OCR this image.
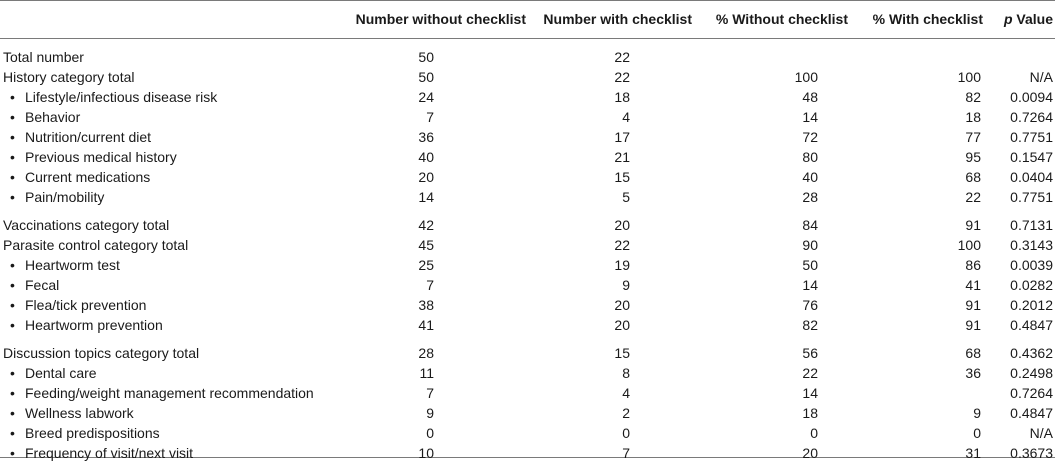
	Number without checklist	Number with checklist	% Without checklist	% With checklist	p Value

Total number	50	22			
History category total	50	22	100	100	N/A
• Lifestyle/infectious disease risk	24	18	48	82	0.0094
• Behavior	7	4	14	18	0.7264
• Nutrition/current diet	36	17	72	77	0.7751
• Previous medical history	40	21	80	95	0.1547
• Current medications	20	15	40	68	0.0404
• Pain/mobility	14	5	28	22	0.7751

Vaccinations category total	42	20	84	91	0.7131
Parasite control category total	45	22	90	100	0.3143
• Heartworm test	25	19	50	86	0.0039
• Fecal	7	9	14	41	0.0282
• Flea/tick prevention	38	20	76	91	0.2012
• Heartworm prevention	41	20	82	91	0.4847

Discussion topics category total	28	15	56	68	0.4362
• Dental care	11	8	22	36	0.2498
• Feeding/weight management recommendation	7	4	14		0.7264
• Wellness labwork	9	2	18	9	0.4847
• Breed predispositions	0	0	0	0	N/A
• Frequency of visit/next visit	10	7	20	31	0.3673
